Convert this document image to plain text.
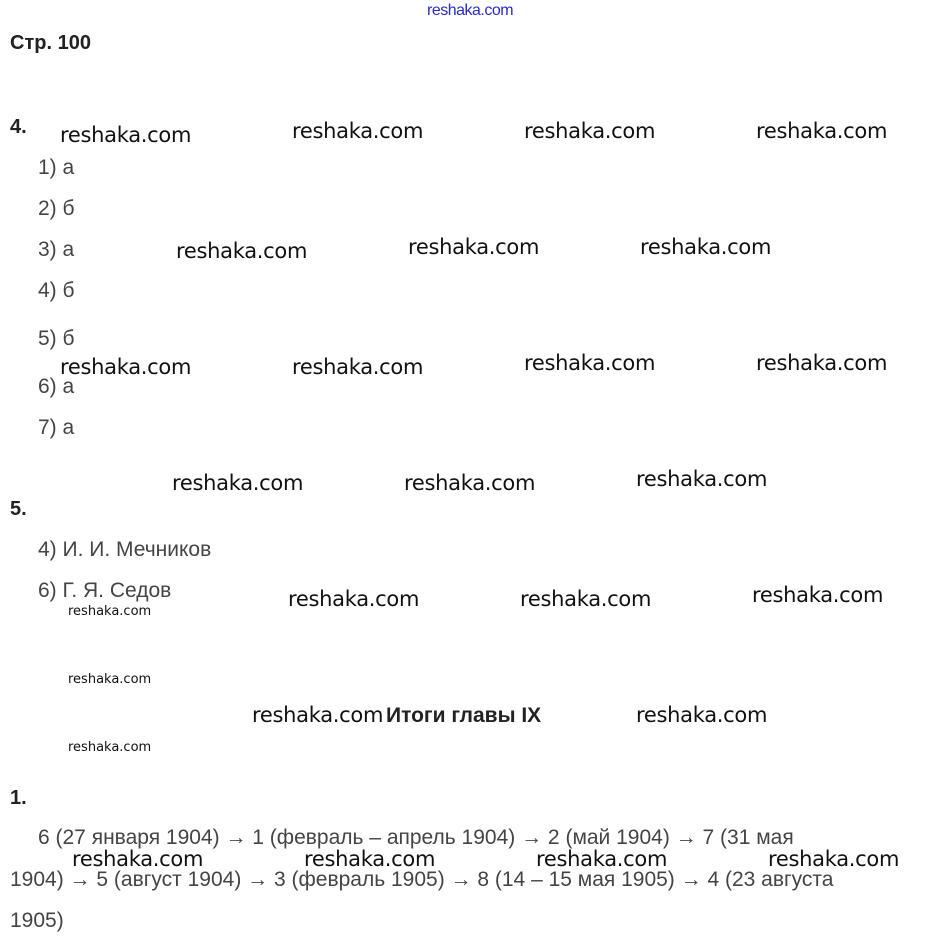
reshaka.com
Стр. 100
4.
1) а
2) б
3) а
4) б
5) б
6) а
7) а
5.
4) И. И. Мечников
6) Г. Я. Седов
Итоги главы IX
1.
6 (27 января 1904) → 1 (февраль – апрель 1904) → 2 (май 1904) → 7 (31 мая
1904) → 5 (август 1904) → 3 (февраль 1905) → 8 (14 – 15 мая 1905) → 4 (23 августа
1905)
reshaka.com	reshaka.com	reshaka.com	reshaka.com
reshaka.com	reshaka.com	reshaka.com
reshaka.com	reshaka.com	reshaka.com	reshaka.com
reshaka.com	reshaka.com	reshaka.com
reshaka.com	reshaka.com	reshaka.com
reshaka.com	reshaka.com
reshaka.com	reshaka.com	reshaka.com	reshaka.com
reshaka.com
reshaka.com
reshaka.com
